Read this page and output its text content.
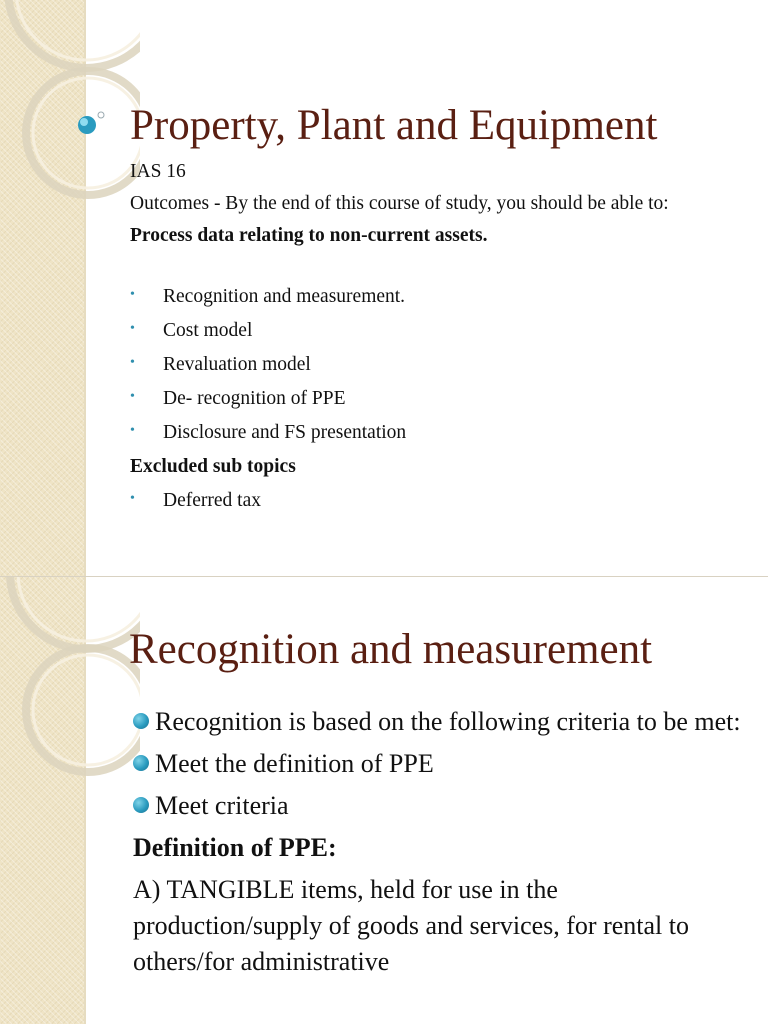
Property, Plant and Equipment

IAS 16

Outcomes - By the end of this course of study, you should be able to:

Process data relating to non-current assets.

• Recognition and measurement.
• Cost model
• Revaluation model
• De- recognition of PPE
• Disclosure and FS presentation

Excluded sub topics

• Deferred tax
Recognition and measurement
Recognition is based on the following criteria to be met:
Meet the definition of PPE
Meet criteria

Definition of PPE:

A) TANGIBLE items, held for use in the production/supply of goods and services, for rental to others/for administrative
